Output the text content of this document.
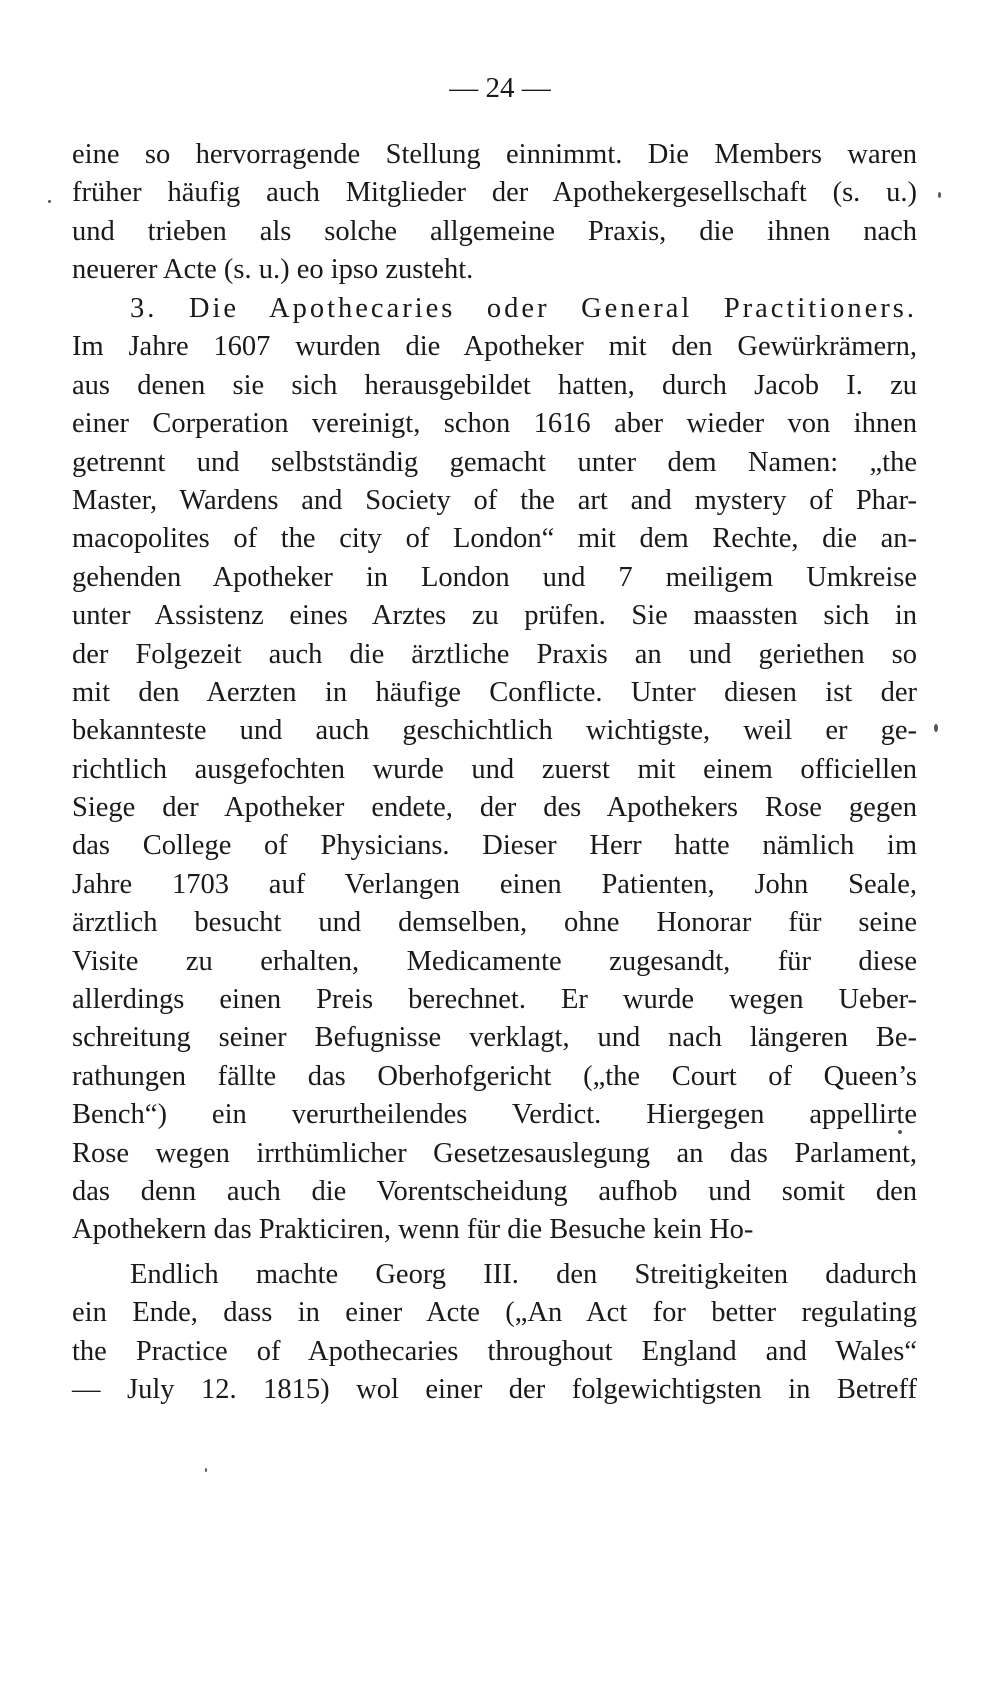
— 24 —
eine so hervorragende Stellung einnimmt. Die Members waren
früher häufig auch Mitglieder der Apothekergesellschaft (s. u.)
und trieben als solche allgemeine Praxis, die ihnen nach
neuerer Acte (s. u.) eo ipso zusteht.
3. Die Apothecaries oder General Practitioners.
Im Jahre 1607 wurden die Apotheker mit den Gewürkrämern,
aus denen sie sich herausgebildet hatten, durch Jacob I. zu
einer Corperation vereinigt, schon 1616 aber wieder von ihnen
getrennt und selbstständig gemacht unter dem Namen: „the
Master, Wardens and Society of the art and mystery of Phar-
macopolites of the city of London“ mit dem Rechte, die an-
gehenden Apotheker in London und 7 meiligem Umkreise
unter Assistenz eines Arztes zu prüfen. Sie maassten sich in
der Folgezeit auch die ärztliche Praxis an und geriethen so
mit den Aerzten in häufige Conflicte. Unter diesen ist der
bekannteste und auch geschichtlich wichtigste, weil er ge-
richtlich ausgefochten wurde und zuerst mit einem officiellen
Siege der Apotheker endete, der des Apothekers Rose gegen
das College of Physicians. Dieser Herr hatte nämlich im
Jahre 1703 auf Verlangen einen Patienten, John Seale,
ärztlich besucht und demselben, ohne Honorar für seine
Visite zu erhalten, Medicamente zugesandt, für diese
allerdings einen Preis berechnet. Er wurde wegen Ueber-
schreitung seiner Befugnisse verklagt, und nach längeren Be-
rathungen fällte das Oberhofgericht („the Court of Queen’s
Bench“) ein verurtheilendes Verdict. Hiergegen appellirte
Rose wegen irrthümlicher Gesetzesauslegung an das Parlament,
das denn auch die Vorentscheidung aufhob und somit den
Apothekern das Prakticiren, wenn für die Besuche kein Ho-
Endlich machte Georg III. den Streitigkeiten dadurch
ein Ende, dass in einer Acte („An Act for better regulating
the Practice of Apothecaries throughout England and Wales“
— July 12. 1815) wol einer der folgewichtigsten in Betreff
